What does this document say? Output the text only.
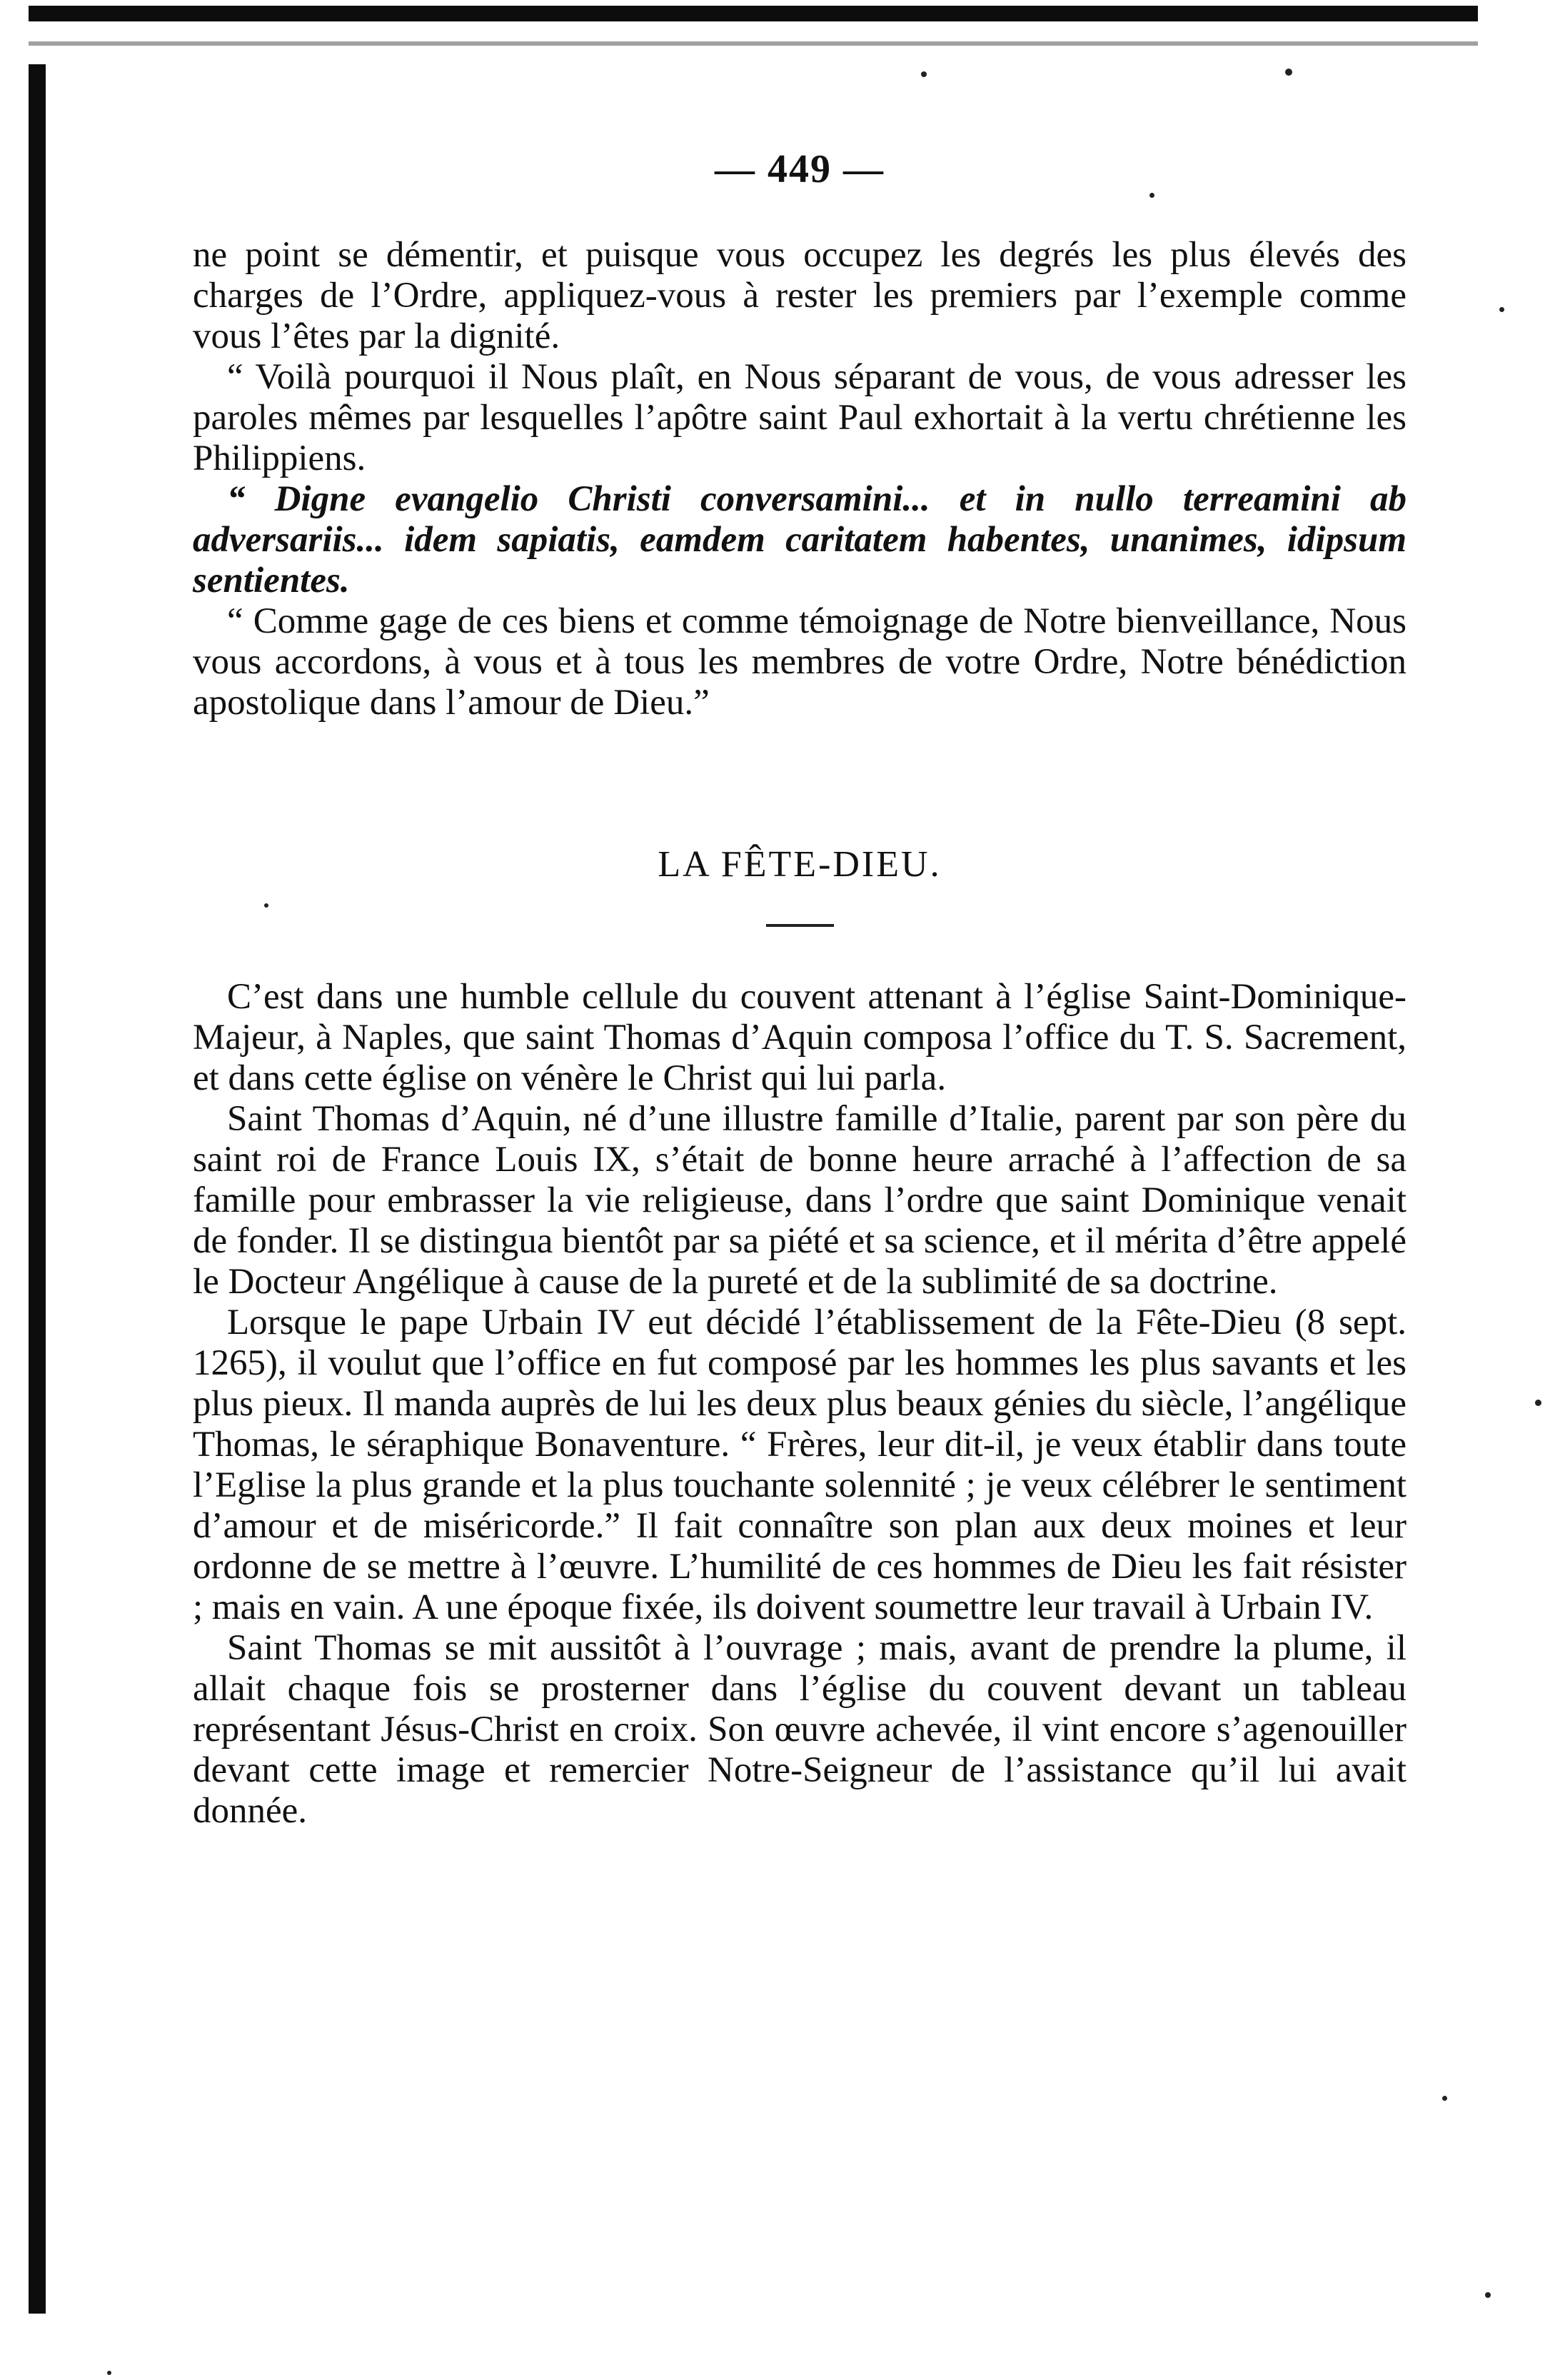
— 449 —

ne point se démentir, et puisque vous occupez les degrés les plus élevés des charges de l’Ordre, appliquez-vous à rester les premiers par l’exemple comme vous l’êtes par la dignité.

“ Voilà pourquoi il Nous plaît, en Nous séparant de vous, de vous adresser les paroles mêmes par lesquelles l’apôtre saint Paul exhortait à la vertu chrétienne les Philippiens.

“ Digne evangelio Christi conversamini... et in nullo terreamini ab adversariis... idem sapiatis, eamdem caritatem habentes, unanimes, idipsum sentientes.

“ Comme gage de ces biens et comme témoignage de Notre bienveillance, Nous vous accordons, à vous et à tous les membres de votre Ordre, Notre bénédiction apostolique dans l’amour de Dieu.”

LA FÊTE-DIEU.

C’est dans une humble cellule du couvent attenant à l’église Saint-Dominique-Majeur, à Naples, que saint Thomas d’Aquin composa l’office du T. S. Sacrement, et dans cette église on vénère le Christ qui lui parla.

Saint Thomas d’Aquin, né d’une illustre famille d’Italie, parent par son père du saint roi de France Louis IX, s’était de bonne heure arraché à l’affection de sa famille pour embrasser la vie religieuse, dans l’ordre que saint Dominique venait de fonder. Il se distingua bientôt par sa piété et sa science, et il mérita d’être appelé le Docteur Angélique à cause de la pureté et de la sublimité de sa doctrine.

Lorsque le pape Urbain IV eut décidé l’établissement de la Fête-Dieu (8 sept. 1265), il voulut que l’office en fut composé par les hommes les plus savants et les plus pieux. Il manda auprès de lui les deux plus beaux génies du siècle, l’angélique Thomas, le séraphique Bonaventure. “ Frères, leur dit-il, je veux établir dans toute l’Eglise la plus grande et la plus touchante solennité ; je veux célébrer le sentiment d’amour et de miséricorde.” Il fait connaître son plan aux deux moines et leur ordonne de se mettre à l’œuvre. L’humilité de ces hommes de Dieu les fait résister ; mais en vain. A une époque fixée, ils doivent soumettre leur travail à Urbain IV.

Saint Thomas se mit aussitôt à l’ouvrage ; mais, avant de prendre la plume, il allait chaque fois se prosterner dans l’église du couvent devant un tableau représentant Jésus-Christ en croix. Son œuvre achevée, il vint encore s’agenouiller devant cette image et remercier Notre-Seigneur de l’assistance qu’il lui avait donnée.
